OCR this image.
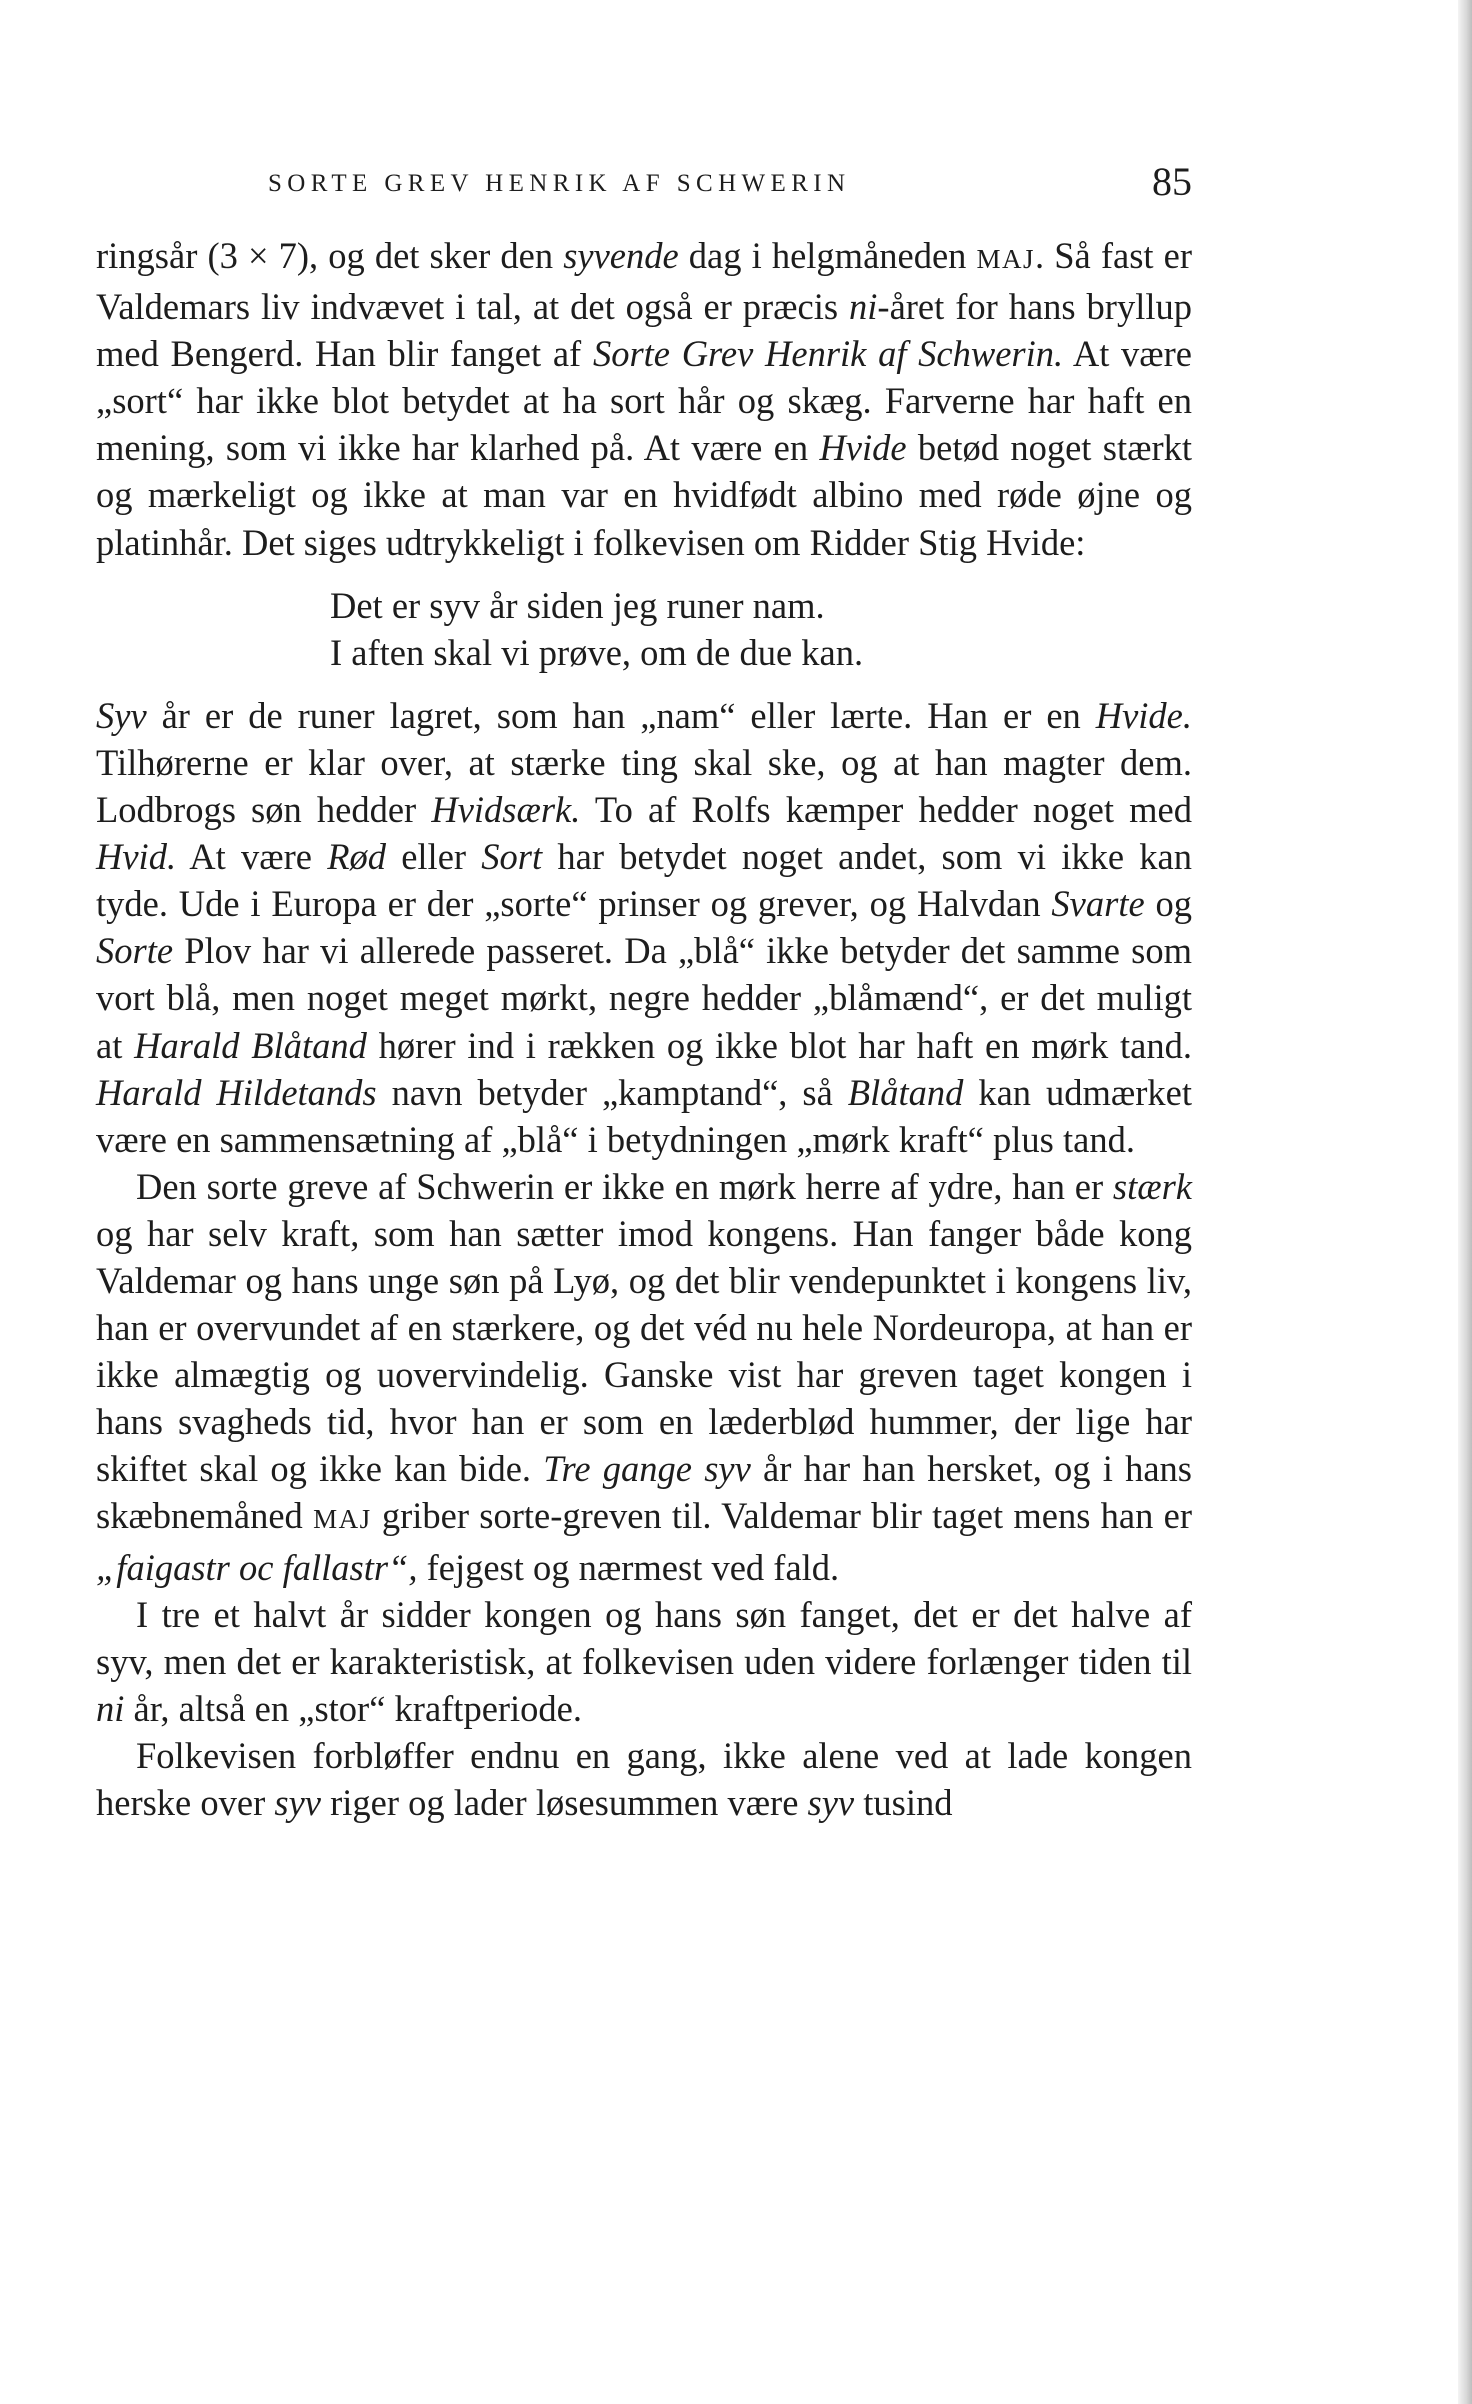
SORTE GREV HENRIK AF SCHWERIN	85

ringsår (3 × 7), og det sker den syvende dag i helgmåneden MAJ. Så fast er Valdemars liv indvævet i tal, at det også er præcis ni-året for hans bryllup med Bengerd. Han blir fanget af Sorte Grev Henrik af Schwerin. At være „sort“ har ikke blot betydet at ha sort hår og skæg. Farverne har haft en mening, som vi ikke har klarhed på. At være en Hvide betød noget stærkt og mærkeligt og ikke at man var en hvidfødt albino med røde øjne og platinhår. Det siges udtrykkeligt i folkevisen om Ridder Stig Hvide:

Det er syv år siden jeg runer nam.
I aften skal vi prøve, om de due kan.

Syv år er de runer lagret, som han „nam“ eller lærte. Han er en Hvide. Tilhørerne er klar over, at stærke ting skal ske, og at han magter dem. Lodbrogs søn hedder Hvidsærk. To af Rolfs kæmper hedder noget med Hvid. At være Rød eller Sort har betydet noget andet, som vi ikke kan tyde. Ude i Europa er der „sorte“ prinser og grever, og Halvdan Svarte og Sorte Plov har vi allerede passeret. Da „blå“ ikke betyder det samme som vort blå, men noget meget mørkt, negre hedder „blåmænd“, er det muligt at Harald Blåtand hører ind i rækken og ikke blot har haft en mørk tand. Harald Hildetands navn betyder „kamptand“, så Blåtand kan udmærket være en sammensætning af „blå“ i betydningen „mørk kraft“ plus tand.

Den sorte greve af Schwerin er ikke en mørk herre af ydre, han er stærk og har selv kraft, som han sætter imod kongens. Han fanger både kong Valdemar og hans unge søn på Lyø, og det blir vendepunktet i kongens liv, han er overvundet af en stærkere, og det véd nu hele Nordeuropa, at han er ikke almægtig og uovervindelig. Ganske vist har greven taget kongen i hans svagheds tid, hvor han er som en læderblød hummer, der lige har skiftet skal og ikke kan bide. Tre gange syv år har han hersket, og i hans skæbnemåned MAJ griber sorte-greven til. Valdemar blir taget mens han er „faigastr oc fallastr“, fejgest og nærmest ved fald.

I tre et halvt år sidder kongen og hans søn fanget, det er det halve af syv, men det er karakteristisk, at folkevisen uden videre forlænger tiden til ni år, altså en „stor“ kraftperiode.

Folkevisen forbløffer endnu en gang, ikke alene ved at lade kongen herske over syv riger og lader løsesummen være syv tusind
